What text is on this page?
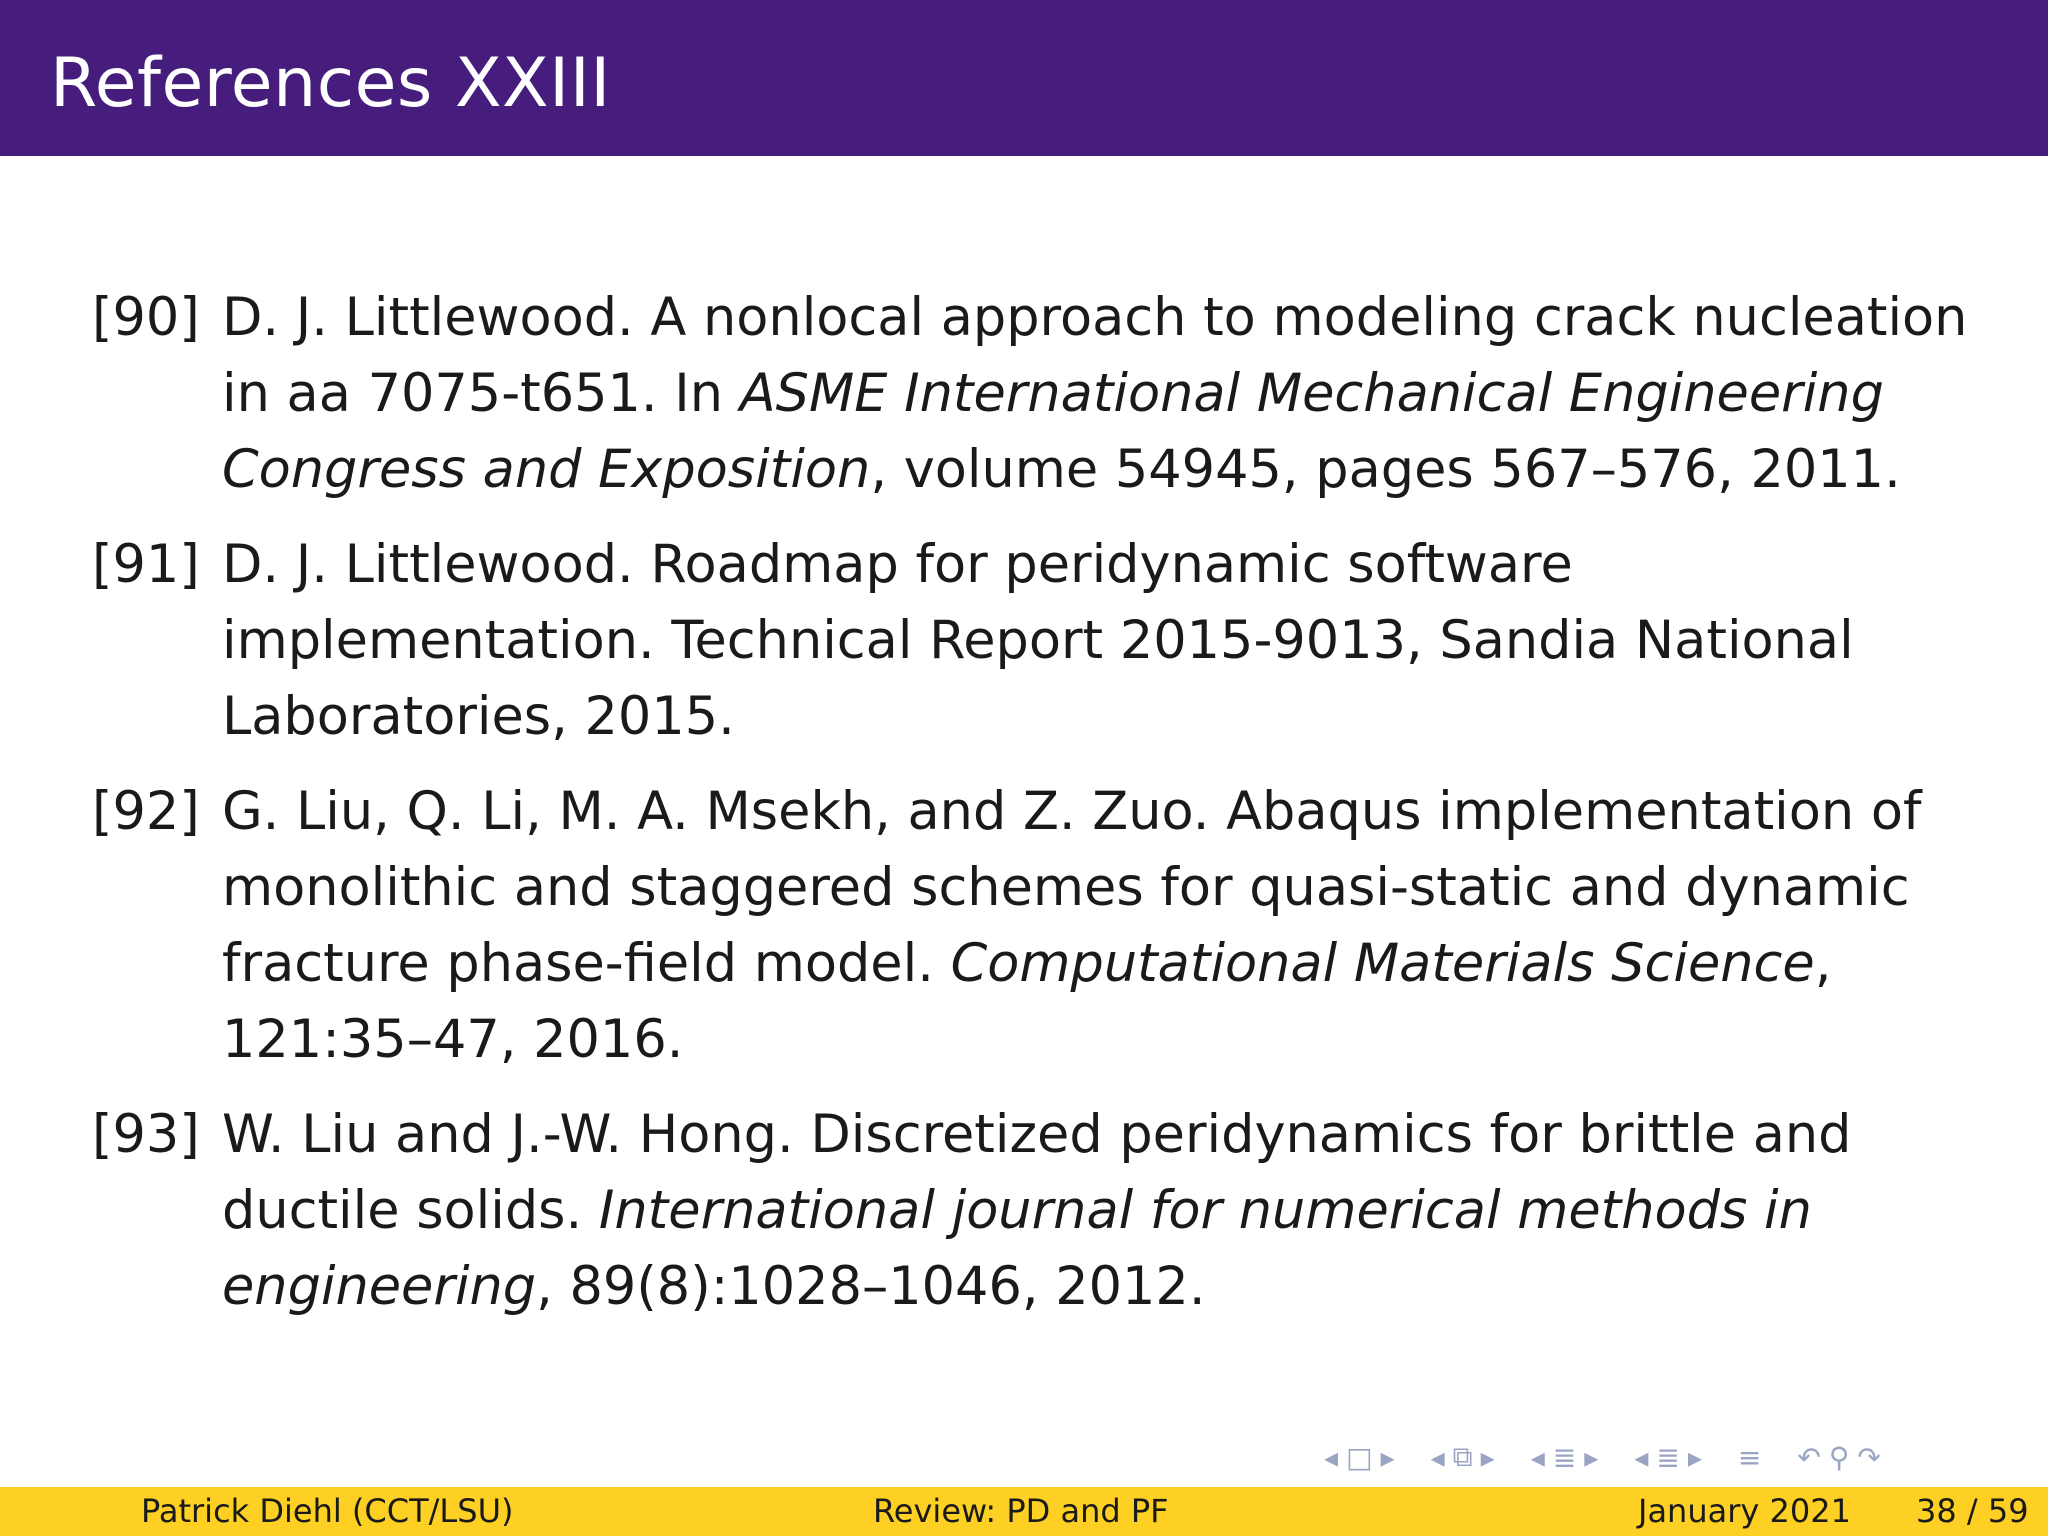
References XXIII
[90] D. J. Littlewood. A nonlocal approach to modeling crack nucleation
in aa 7075-t651. In ASME International Mechanical Engineering
Congress and Exposition, volume 54945, pages 567–576, 2011.
[91] D. J. Littlewood. Roadmap for peridynamic software
implementation. Technical Report 2015-9013, Sandia National
Laboratories, 2015.
[92] G. Liu, Q. Li, M. A. Msekh, and Z. Zuo. Abaqus implementation of
monolithic and staggered schemes for quasi-static and dynamic
fracture phase-field model. Computational Materials Science,
121:35–47, 2016.
[93] W. Liu and J.-W. Hong. Discretized peridynamics for brittle and
ductile solids. International journal for numerical methods in
engineering, 89(8):1028–1046, 2012.
◂ □ ▸ ◂ ⧉ ▸ ◂ ≣ ▸ ◂ ≣ ▸ ≡ ↶ ⚲ ↷
Patrick Diehl (CCT/LSU)	Review: PD and PF	January 2021 38 / 59
